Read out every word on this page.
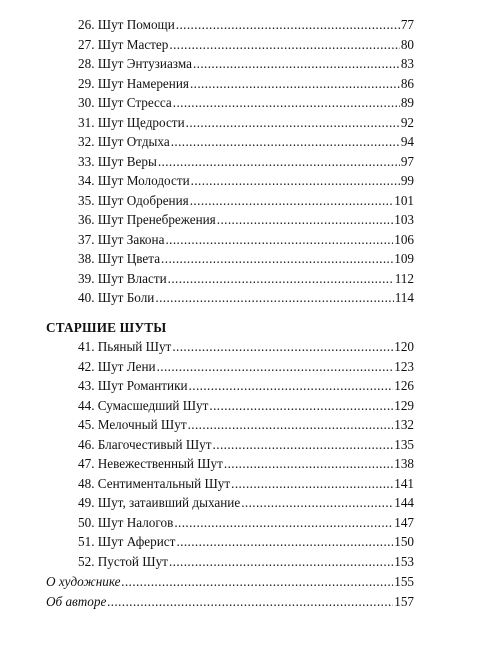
26. Шут Помощи .....	77
27. Шут Мастер .....	80
28. Шут Энтузиазма .....	83
29. Шут Намерения .....	86
30. Шут Стресса .....	89
31. Шут Щедрости .....	92
32. Шут Отдыха .....	94
33. Шут Веры .....	97
34. Шут Молодости .....	99
35. Шут Одобрения .....	101
36. Шут Пренебрежения .....	103
37. Шут Закона .....	106
38. Шут Цвета .....	109
39. Шут Власти .....	112
40. Шут Боли .....	114
СТАРШИЕ ШУТЫ
41. Пьяный Шут .....	120
42. Шут Лени .....	123
43. Шут Романтики .....	126
44. Сумасшедший Шут .....	129
45. Мелочный Шут .....	132
46. Благочестивый Шут .....	135
47. Невежественный Шут .....	138
48. Сентиментальный Шут .....	141
49. Шут, затаивший дыхание .....	144
50. Шут Налогов .....	147
51. Шут Аферист .....	150
52. Пустой Шут .....	153
О художнике .....	155
Об авторе .....	157
